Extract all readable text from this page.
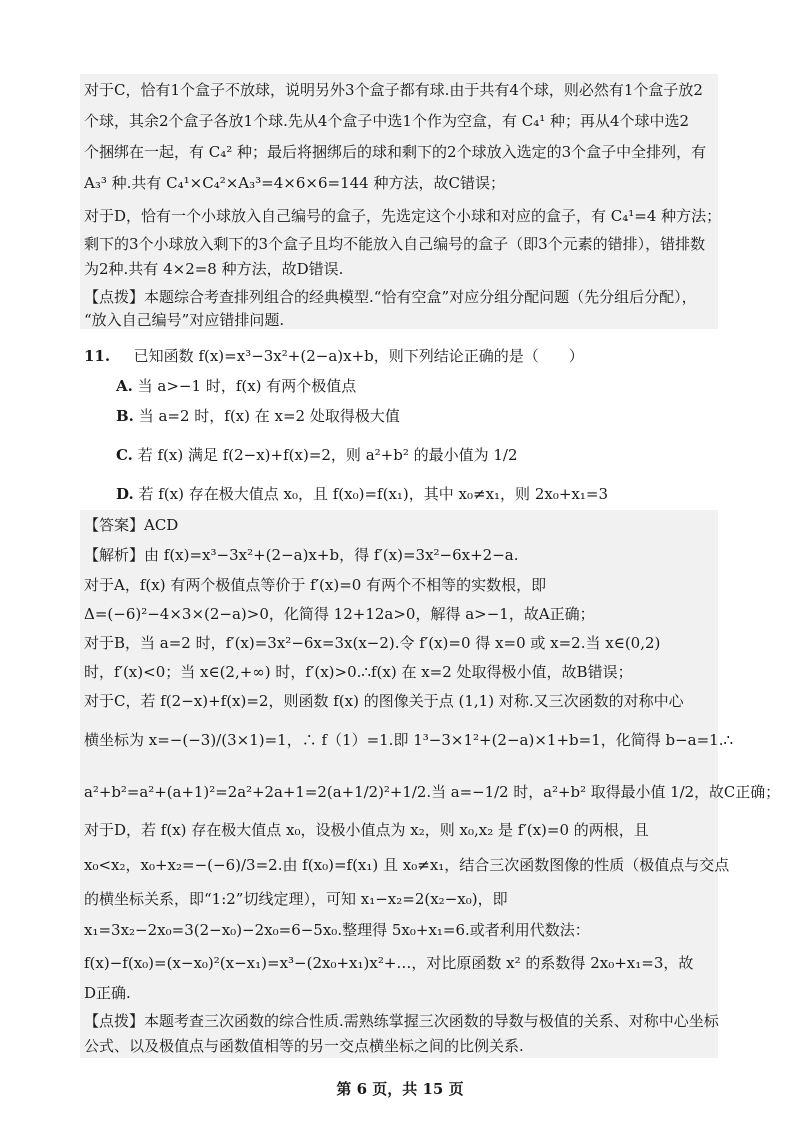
对于C，恰有1个盒子不放球，说明另外3个盒子都有球.由于共有4个球，则必然有1个盒子放2
个球，其余2个盒子各放1个球.先从4个盒子中选1个作为空盒，有 C₄¹ 种；再从4个球中选2
个捆绑在一起，有 C₄² 种；最后将捆绑后的球和剩下的2个球放入选定的3个盒子中全排列，有
A₃³ 种.共有 C₄¹×C₄²×A₃³=4×6×6=144 种方法，故C错误；
对于D，恰有一个小球放入自己编号的盒子，先选定这个小球和对应的盒子，有 C₄¹=4 种方法；
剩下的3个小球放入剩下的3个盒子且均不能放入自己编号的盒子（即3个元素的错排），错排数
为2种.共有 4×2=8 种方法，故D错误.
【点拨】本题综合考查排列组合的经典模型.“恰有空盒”对应分组分配问题（先分组后分配），
“放入自己编号”对应错排问题.
11. 已知函数 f(x)=x³−3x²+(2−a)x+b，则下列结论正确的是（　　）
A. 当 a>−1 时，f(x) 有两个极值点
B. 当 a=2 时，f(x) 在 x=2 处取得极大值
C. 若 f(x) 满足 f(2−x)+f(x)=2，则 a²+b² 的最小值为 1/2
D. 若 f(x) 存在极大值点 x₀，且 f(x₀)=f(x₁)，其中 x₀≠x₁，则 2x₀+x₁=3
【答案】ACD
【解析】由 f(x)=x³−3x²+(2−a)x+b，得 f′(x)=3x²−6x+2−a.
对于A，f(x) 有两个极值点等价于 f′(x)=0 有两个不相等的实数根，即
Δ=(−6)²−4×3×(2−a)>0，化简得 12+12a>0，解得 a>−1，故A正确；
对于B，当 a=2 时，f′(x)=3x²−6x=3x(x−2).令 f′(x)=0 得 x=0 或 x=2.当 x∈(0,2)
时，f′(x)<0；当 x∈(2,+∞) 时，f′(x)>0.∴f(x) 在 x=2 处取得极小值，故B错误；
对于C，若 f(2−x)+f(x)=2，则函数 f(x) 的图像关于点 (1,1) 对称.又三次函数的对称中心
横坐标为 x=−(−3)/(3×1)=1，∴ f（1）=1.即 1³−3×1²+(2−a)×1+b=1，化简得 b−a=1.∴
a²+b²=a²+(a+1)²=2a²+2a+1=2(a+1/2)²+1/2.当 a=−1/2 时，a²+b² 取得最小值 1/2，故C正确；
对于D，若 f(x) 存在极大值点 x₀，设极小值点为 x₂，则 x₀,x₂ 是 f′(x)=0 的两根，且
x₀<x₂，x₀+x₂=−(−6)/3=2.由 f(x₀)=f(x₁) 且 x₀≠x₁，结合三次函数图像的性质（极值点与交点
的横坐标关系，即“1:2”切线定理），可知 x₁−x₂=2(x₂−x₀)，即
x₁=3x₂−2x₀=3(2−x₀)−2x₀=6−5x₀.整理得 5x₀+x₁=6.或者利用代数法：
f(x)−f(x₀)=(x−x₀)²(x−x₁)=x³−(2x₀+x₁)x²+…，对比原函数 x² 的系数得 2x₀+x₁=3，故
D正确.
【点拨】本题考查三次函数的综合性质.需熟练掌握三次函数的导数与极值的关系、对称中心坐标
公式、以及极值点与函数值相等的另一交点横坐标之间的比例关系.
第 6 页，共 15 页
